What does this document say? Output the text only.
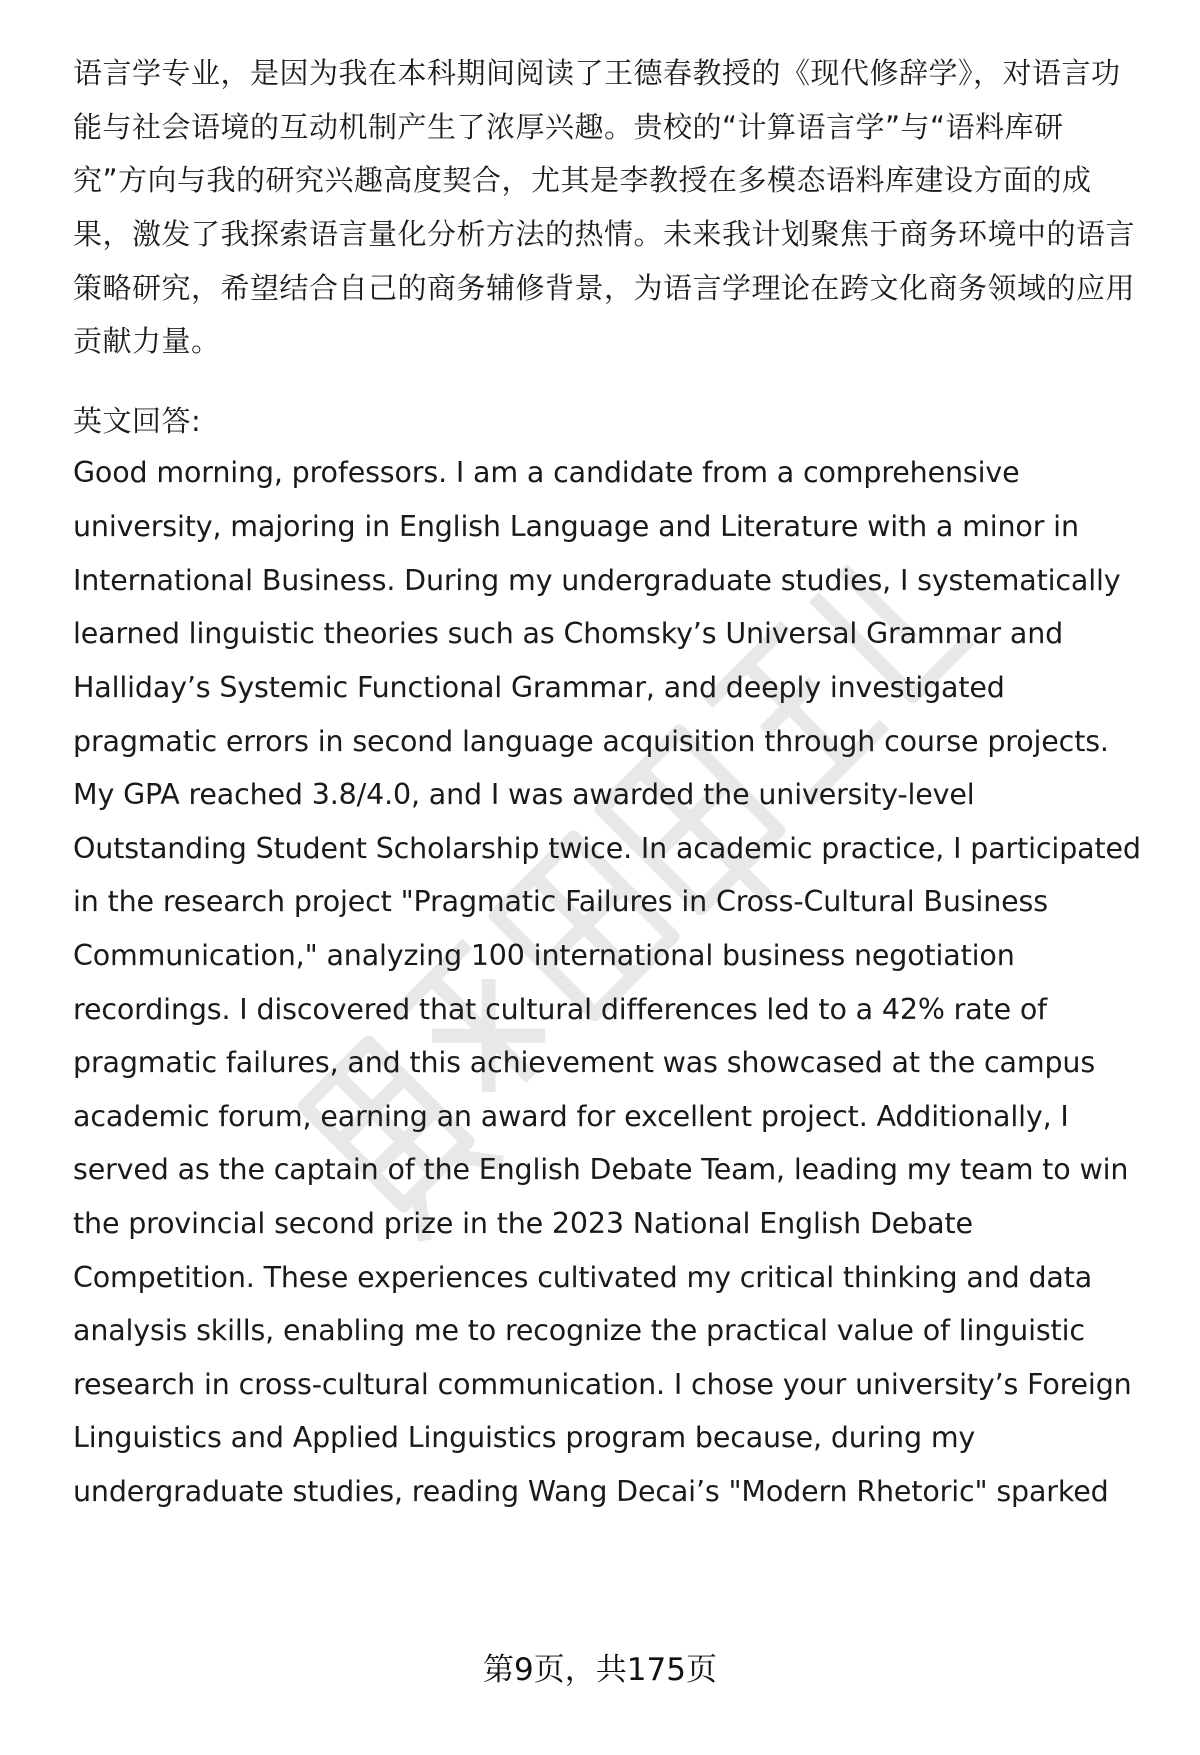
语言学专业，是因为我在本科期间阅读了王德春教授的《现代修辞学》，对语言功
能与社会语境的互动机制产生了浓厚兴趣。贵校的“计算语言学”与“语料库研
究”方向与我的研究兴趣高度契合，尤其是李教授在多模态语料库建设方面的成
果，激发了我探索语言量化分析方法的热情。未来我计划聚焦于商务环境中的语言
策略研究，希望结合自己的商务辅修背景，为语言学理论在跨文化商务领域的应用
贡献力量。
英文回答:
Good morning, professors. I am a candidate from a comprehensive
university, majoring in English Language and Literature with a minor in
International Business. During my undergraduate studies, I systematically
learned linguistic theories such as Chomsky’s Universal Grammar and
Halliday’s Systemic Functional Grammar, and deeply investigated
pragmatic errors in second language acquisition through course projects.
My GPA reached 3.8/4.0, and I was awarded the university-level
Outstanding Student Scholarship twice. In academic practice, I participated
in the research project "Pragmatic Failures in Cross-Cultural Business
Communication," analyzing 100 international business negotiation
recordings. I discovered that cultural differences led to a 42% rate of
pragmatic failures, and this achievement was showcased at the campus
academic forum, earning an award for excellent project. Additionally, I
served as the captain of the English Debate Team, leading my team to win
the provincial second prize in the 2023 National English Debate
Competition. These experiences cultivated my critical thinking and data
analysis skills, enabling me to recognize the practical value of linguistic
research in cross-cultural communication. I chose your university’s Foreign
Linguistics and Applied Linguistics program because, during my
undergraduate studies, reading Wang Decai’s "Modern Rhetoric" sparked
第9页，共175页
